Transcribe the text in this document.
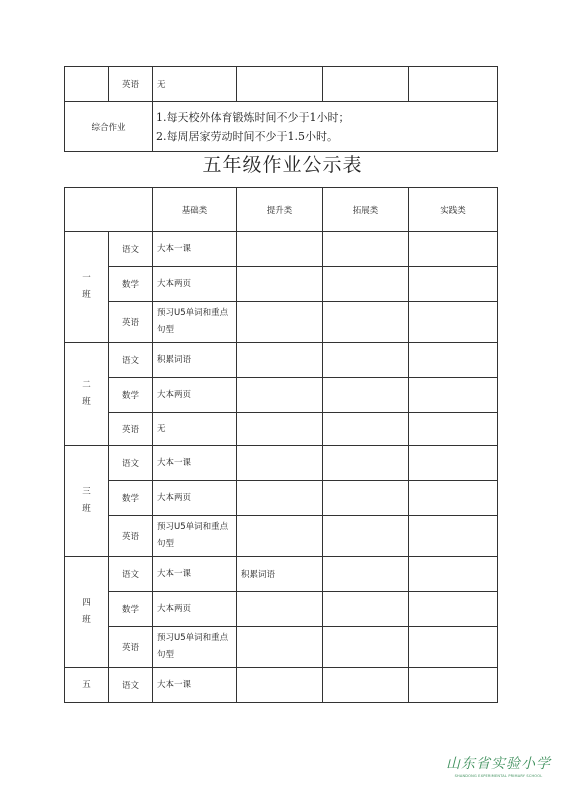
	英语	无			
综合作业		1.每天校外体育锻炼时间不少于1小时；
2.每周居家劳动时间不少于1.5小时。			
五年级作业公示表
		基础类	提升类	拓展类	实践类

一
班	语文	大本一课			
	数学	大本两页			
	英语	预习U5单词和重点句型			

二
班	语文	积累词语			
	数学	大本两页			
	英语	无			

三
班	语文	大本一课			
	数学	大本两页			
	英语	预习U5单词和重点句型			

四
班	语文	大本一课	积累词语		
	数学	大本两页			
	英语	预习U5单词和重点句型			

五	语文	大本一课			
山东省实验小学
SHANDONG EXPERIMENTAL PRIMARY SCHOOL
